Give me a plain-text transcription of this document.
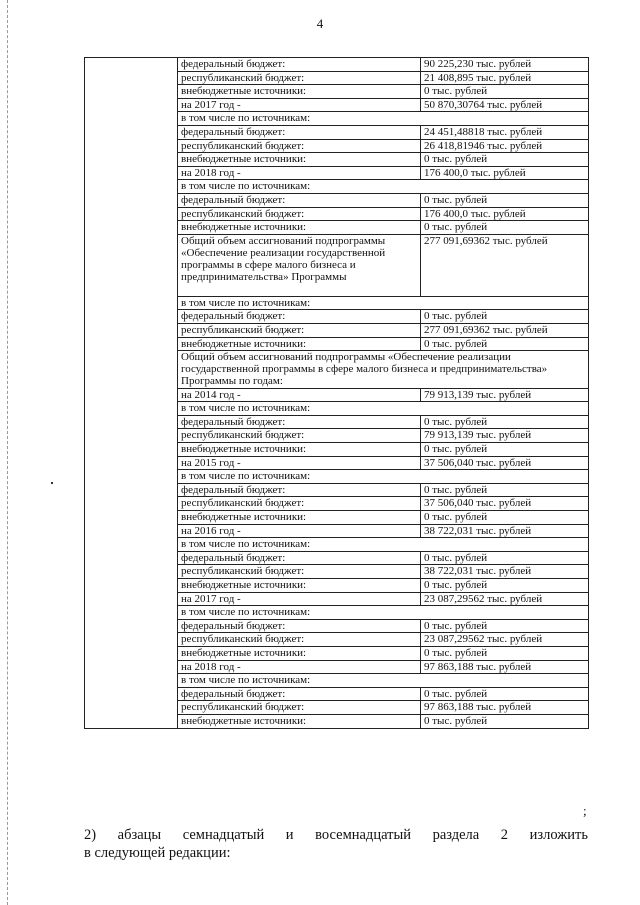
4
	федеральный бюджет:	90 225,230 тыс. рублей
	республиканский бюджет:	21 408,895 тыс. рублей
	внебюджетные источники:	0 тыс. рублей
	на 2017 год -	50 870,30764 тыс. рублей
	в том числе по источникам:	
	федеральный бюджет:	24 451,48818 тыс. рублей
	республиканский бюджет:	26 418,81946 тыс. рублей
	внебюджетные источники:	0 тыс. рублей
	на 2018 год -	176 400,0 тыс. рублей
	в том числе по источникам:	
	федеральный бюджет:	0 тыс. рублей
	республиканский бюджет:	176 400,0 тыс. рублей
	внебюджетные источники:	0 тыс. рублей
	Общий объем ассигнований подпрограммы «Обеспечение реализации государственной программы в сфере малого бизнеса и предпринимательства» Программы	277 091,69362 тыс. рублей
	в том числе по источникам:	
	федеральный бюджет:	0 тыс. рублей
	республиканский бюджет:	277 091,69362 тыс. рублей
	внебюджетные источники:	0 тыс. рублей
	Общий объем ассигнований подпрограммы «Обеспечение реализации государственной программы в сфере малого бизнеса и предпринимательства» Программы по годам:	
	на 2014 год -	79 913,139 тыс. рублей
	в том числе по источникам:	
	федеральный бюджет:	0 тыс. рублей
	республиканский бюджет:	79 913,139 тыс. рублей
	внебюджетные источники:	0 тыс. рублей
	на 2015 год -	37 506,040 тыс. рублей
	в том числе по источникам:	
	федеральный бюджет:	0 тыс. рублей
	республиканский бюджет:	37 506,040 тыс. рублей
	внебюджетные источники:	0 тыс. рублей
	на 2016 год -	38 722,031 тыс. рублей
	в том числе по источникам:	
	федеральный бюджет:	0 тыс. рублей
	республиканский бюджет:	38 722,031 тыс. рублей
	внебюджетные источники:	0 тыс. рублей
	на 2017 год -	23 087,29562 тыс. рублей
	в том числе по источникам:	
	федеральный бюджет:	0 тыс. рублей
	республиканский бюджет:	23 087,29562 тыс. рублей
	внебюджетные источники:	0 тыс. рублей
	на 2018 год -	97 863,188 тыс. рублей
	в том числе по источникам:	
	федеральный бюджет:	0 тыс. рублей
	республиканский бюджет:	97 863,188 тыс. рублей
	внебюджетные источники:	0 тыс. рублей
;
2) абзацы семнадцатый и восемнадцатый раздела 2 изложить
в следующей редакции:
